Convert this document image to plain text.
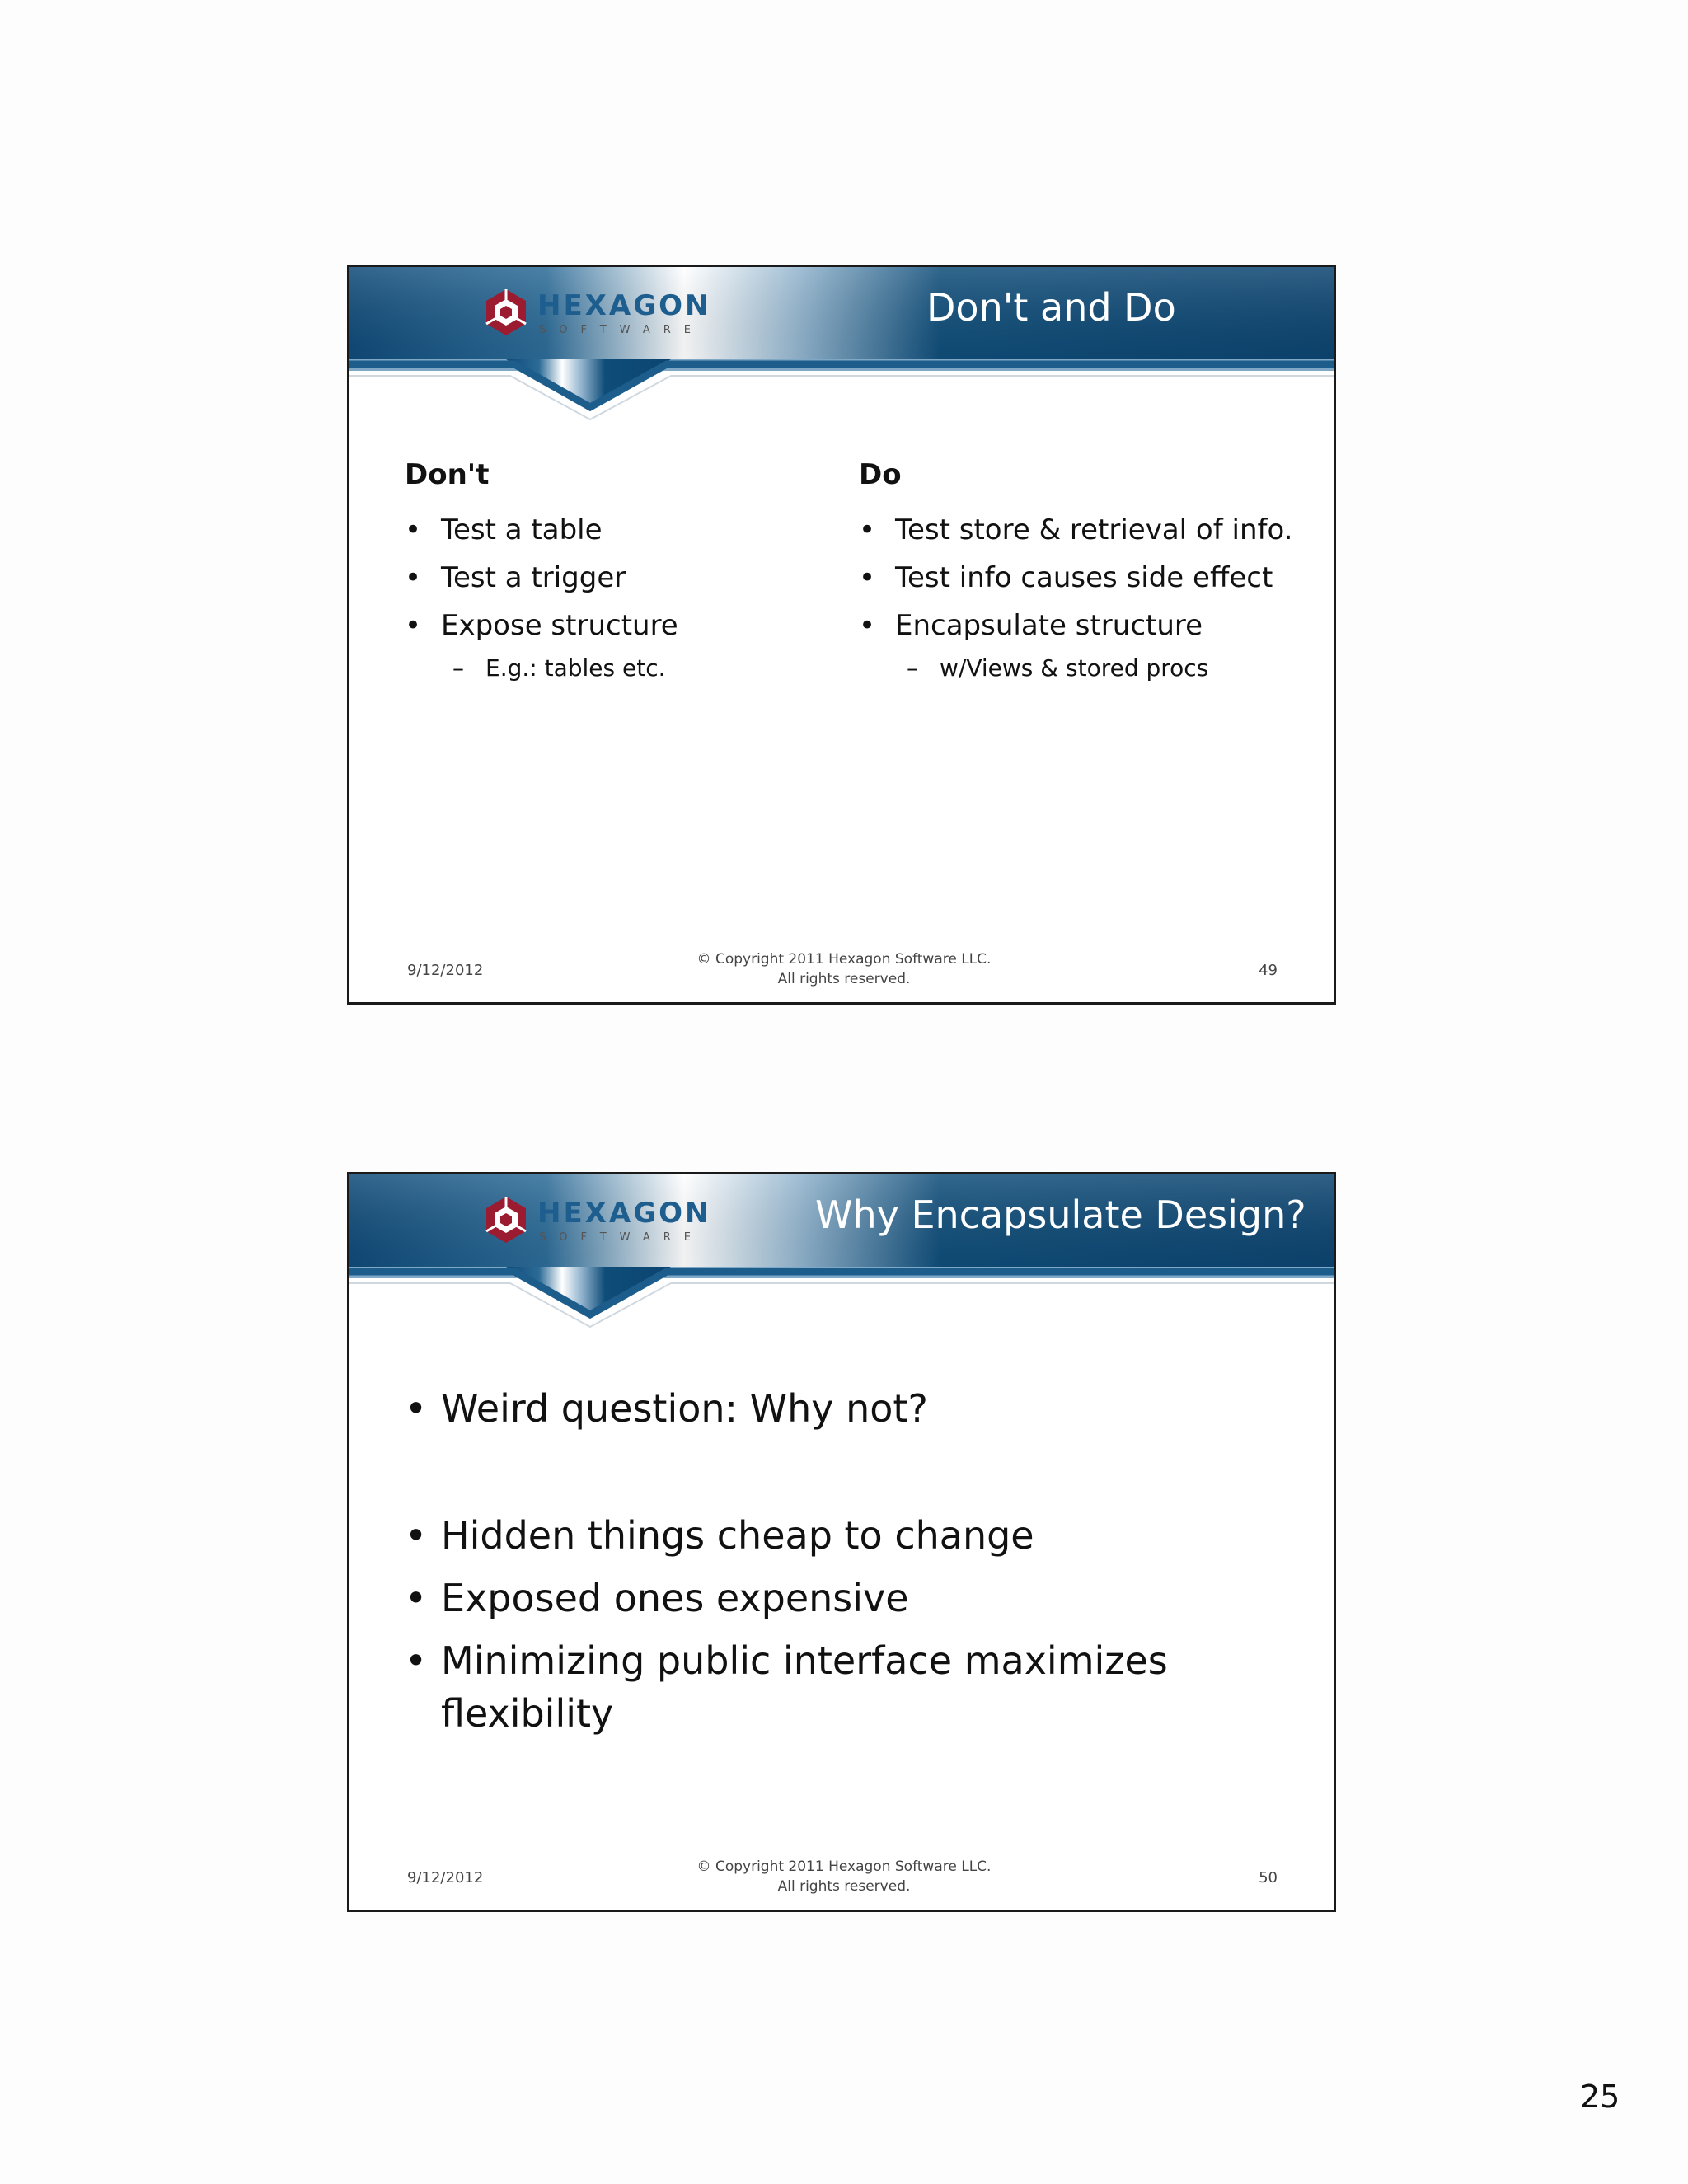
HEXAGON
SOFTWARE
Don't and Do
Don't
• Test a table
• Test a trigger
• Expose structure
– E.g.: tables etc.
Do
• Test store & retrieval of info.
• Test info causes side effect
• Encapsulate structure
– w/Views & stored procs
9/12/2012
© Copyright 2011 Hexagon Software LLC.
All rights reserved.	49
HEXAGON
SOFTWARE
Why Encapsulate Design?
• Weird question: Why not?
• Hidden things cheap to change
• Exposed ones expensive
• Minimizing public interface maximizes flexibility
9/12/2012
© Copyright 2011 Hexagon Software LLC.
All rights reserved.	50
25
